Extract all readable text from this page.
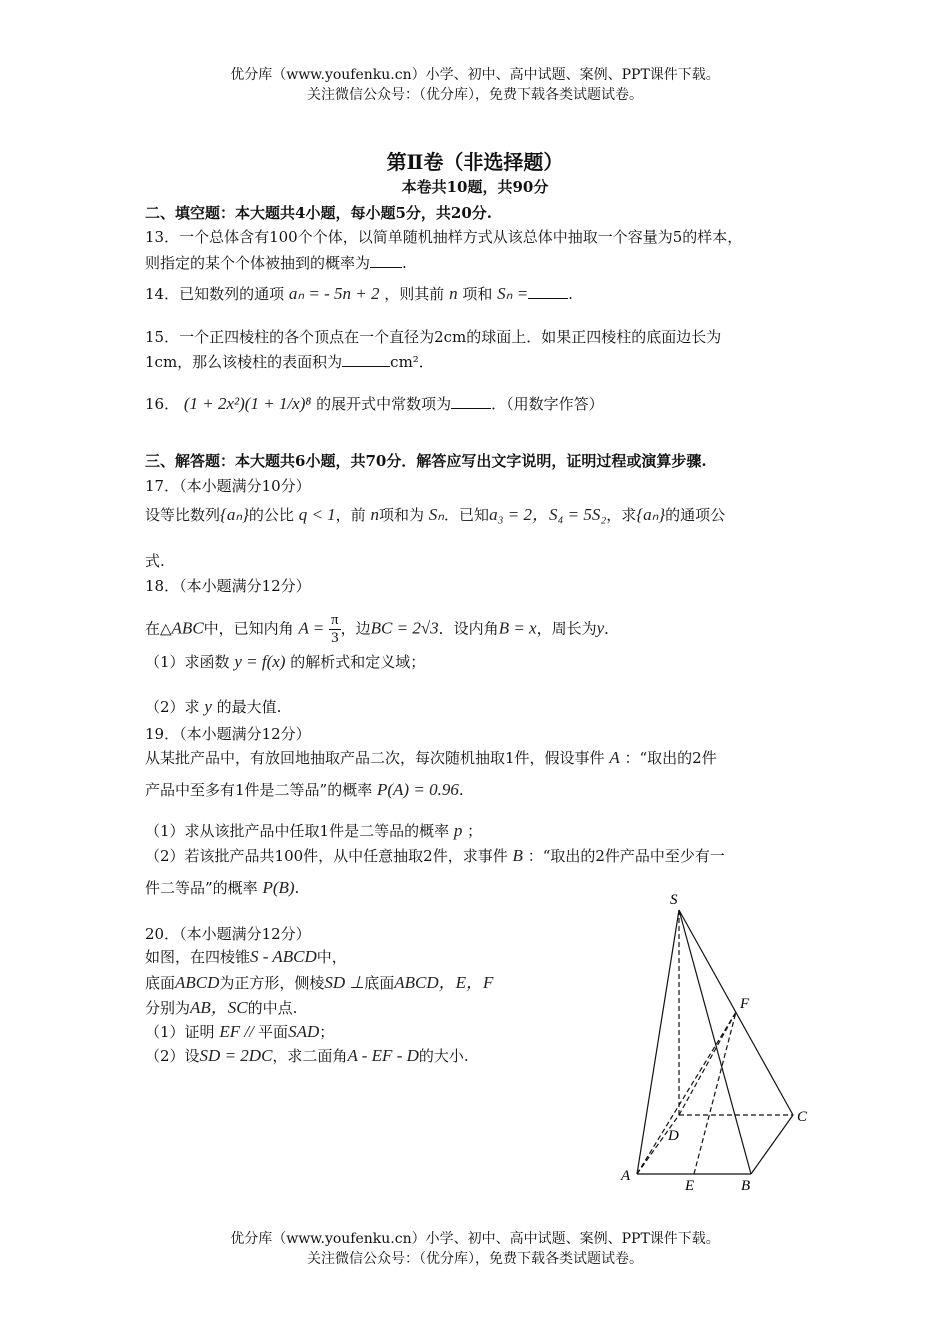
优分库（www.youfenku.cn）小学、初中、高中试题、案例、PPT课件下载。
关注微信公众号：（优分库），免费下载各类试题试卷。
第Ⅱ卷（非选择题）
本卷共10题，共90分
二、填空题：本大题共4小题，每小题5分，共20分.
13．一个总体含有100个个体，以简单随机抽样方式从该总体中抽取一个容量为5的样本，
则指定的某个个体被抽到的概率为 .
14．已知数列的通项 aₙ = - 5n + 2 ，则其前 n 项和 Sₙ =	.
15．一个正四棱柱的各个顶点在一个直径为2cm的球面上．如果正四棱柱的底面边长为
1cm，那么该棱柱的表面积为	cm²．
16． (1 + 2x²)(1 + 1/x)⁸ 的展开式中常数项为	．（用数字作答）
三、解答题：本大题共6小题，共70分．解答应写出文字说明，证明过程或演算步骤.
17．（本小题满分10分）
设等比数列{aₙ}的公比 q < 1，前 n项和为 Sₙ．已知a₃ = 2，S₄ = 5S₂，求{aₙ}的通项公
式.
18．（本小题满分12分）
在△ABC中，已知内角 $A = \frac{\pi}{3}$ ，边BC = 2√3．设内角B = x，周长为y．
（1）求函数 y = f(x) 的解析式和定义域；
（2）求 y 的最大值.
19．（本小题满分12分）
从某批产品中，有放回地抽取产品二次，每次随机抽取1件，假设事件 A ：“取出的2件
产品中至多有1件是二等品”的概率 P(A) = 0.96.
（1）求从该批产品中任取1件是二等品的概率 p ；
（2）若该批产品共100件，从中任意抽取2件，求事件 B ：“取出的2件产品中至少有一
件二等品”的概率 P(B).
20．（本小题满分12分）
如图，在四棱锥S - ABCD中，
底面ABCD为正方形，侧棱SD ⊥底面ABCD，E，F
分别为AB，SC的中点.
（1）证明 EF // 平面SAD；
（2）设SD = 2DC，求二面角A - EF - D的大小.
S
F
C
D
A
E	B
优分库（www.youfenku.cn）小学、初中、高中试题、案例、PPT课件下载。
关注微信公众号：（优分库），免费下载各类试题试卷。
